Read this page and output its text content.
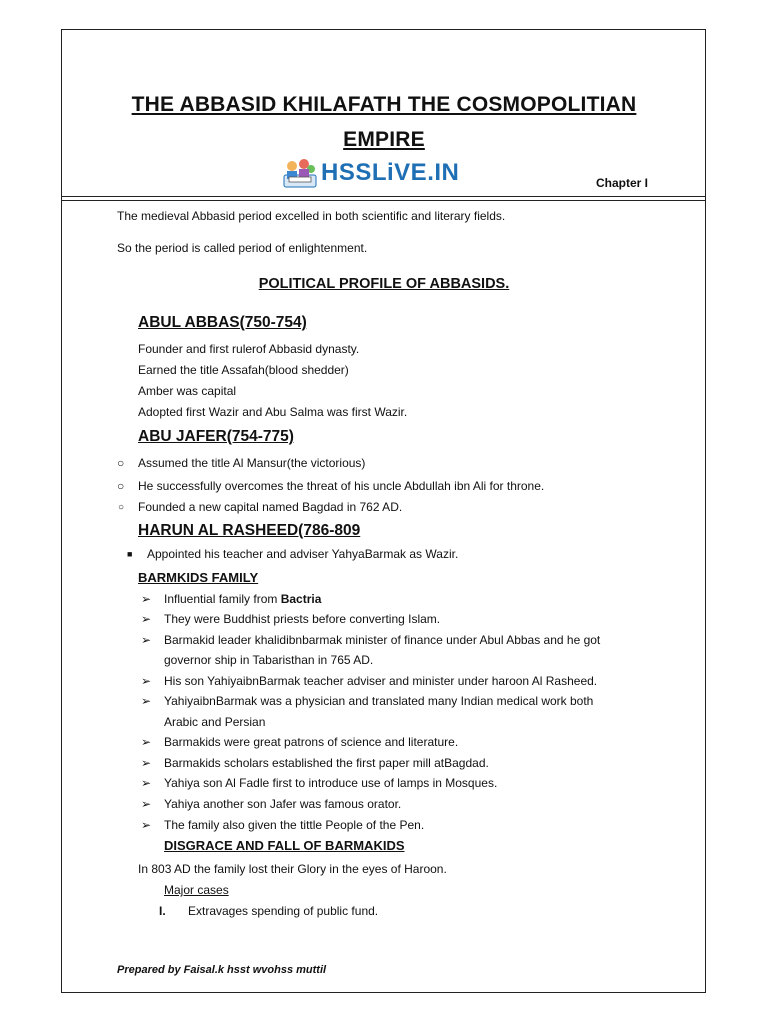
THE ABBASID KHILAFATH THE COSMOPOLITIAN
EMPIRE
HSSLiVE.IN	Chapter I
The medieval Abbasid period excelled in both scientific and literary fields.
So the period is called period of enlightenment.
POLITICAL PROFILE OF ABBASIDS.
ABUL ABBAS(750-754)
Founder and first rulerof Abbasid dynasty.
Earned the title Assafah(blood shedder)
Amber was capital
Adopted first Wazir and Abu Salma was first Wazir.
ABU JAFER(754-775)
○ Assumed the title Al Mansur(the victorious)
○ He successfully overcomes the threat of his uncle Abdullah ibn Ali for throne.
○ Founded a new capital named Bagdad in 762 AD.
HARUN AL RASHEED(786-809
■ Appointed his teacher and adviser YahyaBarmak as Wazir.
BARMKIDS FAMILY
➢ Influential family from Bactria
➢ They were Buddhist priests before converting Islam.
➢ Barmakid leader khalidibnbarmak minister of finance under Abul Abbas and he got
governor ship in Tabaristhan in 765 AD.
➢ His son YahiyaibnBarmak teacher adviser and minister under haroon Al Rasheed.
➢ YahiyaibnBarmak was a physician and translated many Indian medical work both
Arabic and Persian
➢ Barmakids were great patrons of science and literature.
➢ Barmakids scholars established the first paper mill atBagdad.
➢ Yahiya son Al Fadle first to introduce use of lamps in Mosques.
➢ Yahiya another son Jafer was famous orator.
➢ The family also given the tittle People of the Pen.
DISGRACE AND FALL OF BARMAKIDS
In 803 AD the family lost their Glory in the eyes of Haroon.
Major cases
I. Extravages spending of public fund.
Prepared by Faisal.k hsst wvohss muttil
